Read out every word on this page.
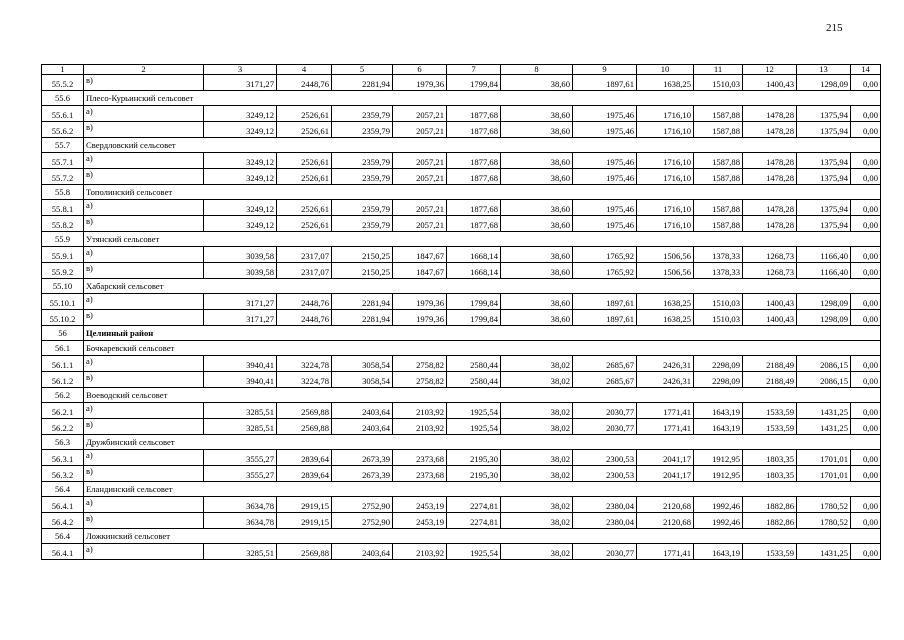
215
1	2	3	4	5	6	7	8	9	10	11	12	13	14
55.5.2	в)	3171,27	2448,76	2281,94	1979,36	1799,84	38,60	1897,61	1638,25	1510,03	1400,43	1298,09	0,00
55.6	Плесо-Курьинский сельсовет												
55.6.1	а)	3249,12	2526,61	2359,79	2057,21	1877,68	38,60	1975,46	1716,10	1587,88	1478,28	1375,94	0,00
55.6.2	в)	3249,12	2526,61	2359,79	2057,21	1877,68	38,60	1975,46	1716,10	1587,88	1478,28	1375,94	0,00
55.7	Свердловский сельсовет												
55.7.1	а)	3249,12	2526,61	2359,79	2057,21	1877,68	38,60	1975,46	1716,10	1587,88	1478,28	1375,94	0,00
55.7.2	в)	3249,12	2526,61	2359,79	2057,21	1877,68	38,60	1975,46	1716,10	1587,88	1478,28	1375,94	0,00
55.8	Тополинский сельсовет												
55.8.1	а)	3249,12	2526,61	2359,79	2057,21	1877,68	38,60	1975,46	1716,10	1587,88	1478,28	1375,94	0,00
55.8.2	в)	3249,12	2526,61	2359,79	2057,21	1877,68	38,60	1975,46	1716,10	1587,88	1478,28	1375,94	0,00
55.9	Утянский сельсовет												
55.9.1	а)	3039,58	2317,07	2150,25	1847,67	1668,14	38,60	1765,92	1506,56	1378,33	1268,73	1166,40	0,00
55.9.2	в)	3039,58	2317,07	2150,25	1847,67	1668,14	38,60	1765,92	1506,56	1378,33	1268,73	1166,40	0,00
55.10	Хабарский сельсовет												
55.10.1	а)	3171,27	2448,76	2281,94	1979,36	1799,84	38,60	1897,61	1638,25	1510,03	1400,43	1298,09	0,00
55.10.2	в)	3171,27	2448,76	2281,94	1979,36	1799,84	38,60	1897,61	1638,25	1510,03	1400,43	1298,09	0,00
56	Целинный район												
56.1	Бочкаревский сельсовет												
56.1.1	а)	3940,41	3224,78	3058,54	2758,82	2580,44	38,02	2685,67	2426,31	2298,09	2188,49	2086,15	0,00
56.1.2	в)	3940,41	3224,78	3058,54	2758,82	2580,44	38,02	2685,67	2426,31	2298,09	2188,49	2086,15	0,00
56.2	Воеводский сельсовет												
56.2.1	а)	3285,51	2569,88	2403,64	2103,92	1925,54	38,02	2030,77	1771,41	1643,19	1533,59	1431,25	0,00
56.2.2	в)	3285,51	2569,88	2403,64	2103,92	1925,54	38,02	2030,77	1771,41	1643,19	1533,59	1431,25	0,00
56.3	Дружбинский сельсовет												
56.3.1	а)	3555,27	2839,64	2673,39	2373,68	2195,30	38,02	2300,53	2041,17	1912,95	1803,35	1701,01	0,00
56.3.2	в)	3555,27	2839,64	2673,39	2373,68	2195,30	38,02	2300,53	2041,17	1912,95	1803,35	1701,01	0,00
56.4	Еландинский сельсовет												
56.4.1	а)	3634,78	2919,15	2752,90	2453,19	2274,81	38,02	2380,04	2120,68	1992,46	1882,86	1780,52	0,00
56.4.2	в)	3634,78	2919,15	2752,90	2453,19	2274,81	38,02	2380,04	2120,68	1992,46	1882,86	1780,52	0,00
56.4	Ложкинский сельсовет												
56.4.1	а)	3285,51	2569,88	2403,64	2103,92	1925,54	38,02	2030,77	1771,41	1643,19	1533,59	1431,25	0,00
